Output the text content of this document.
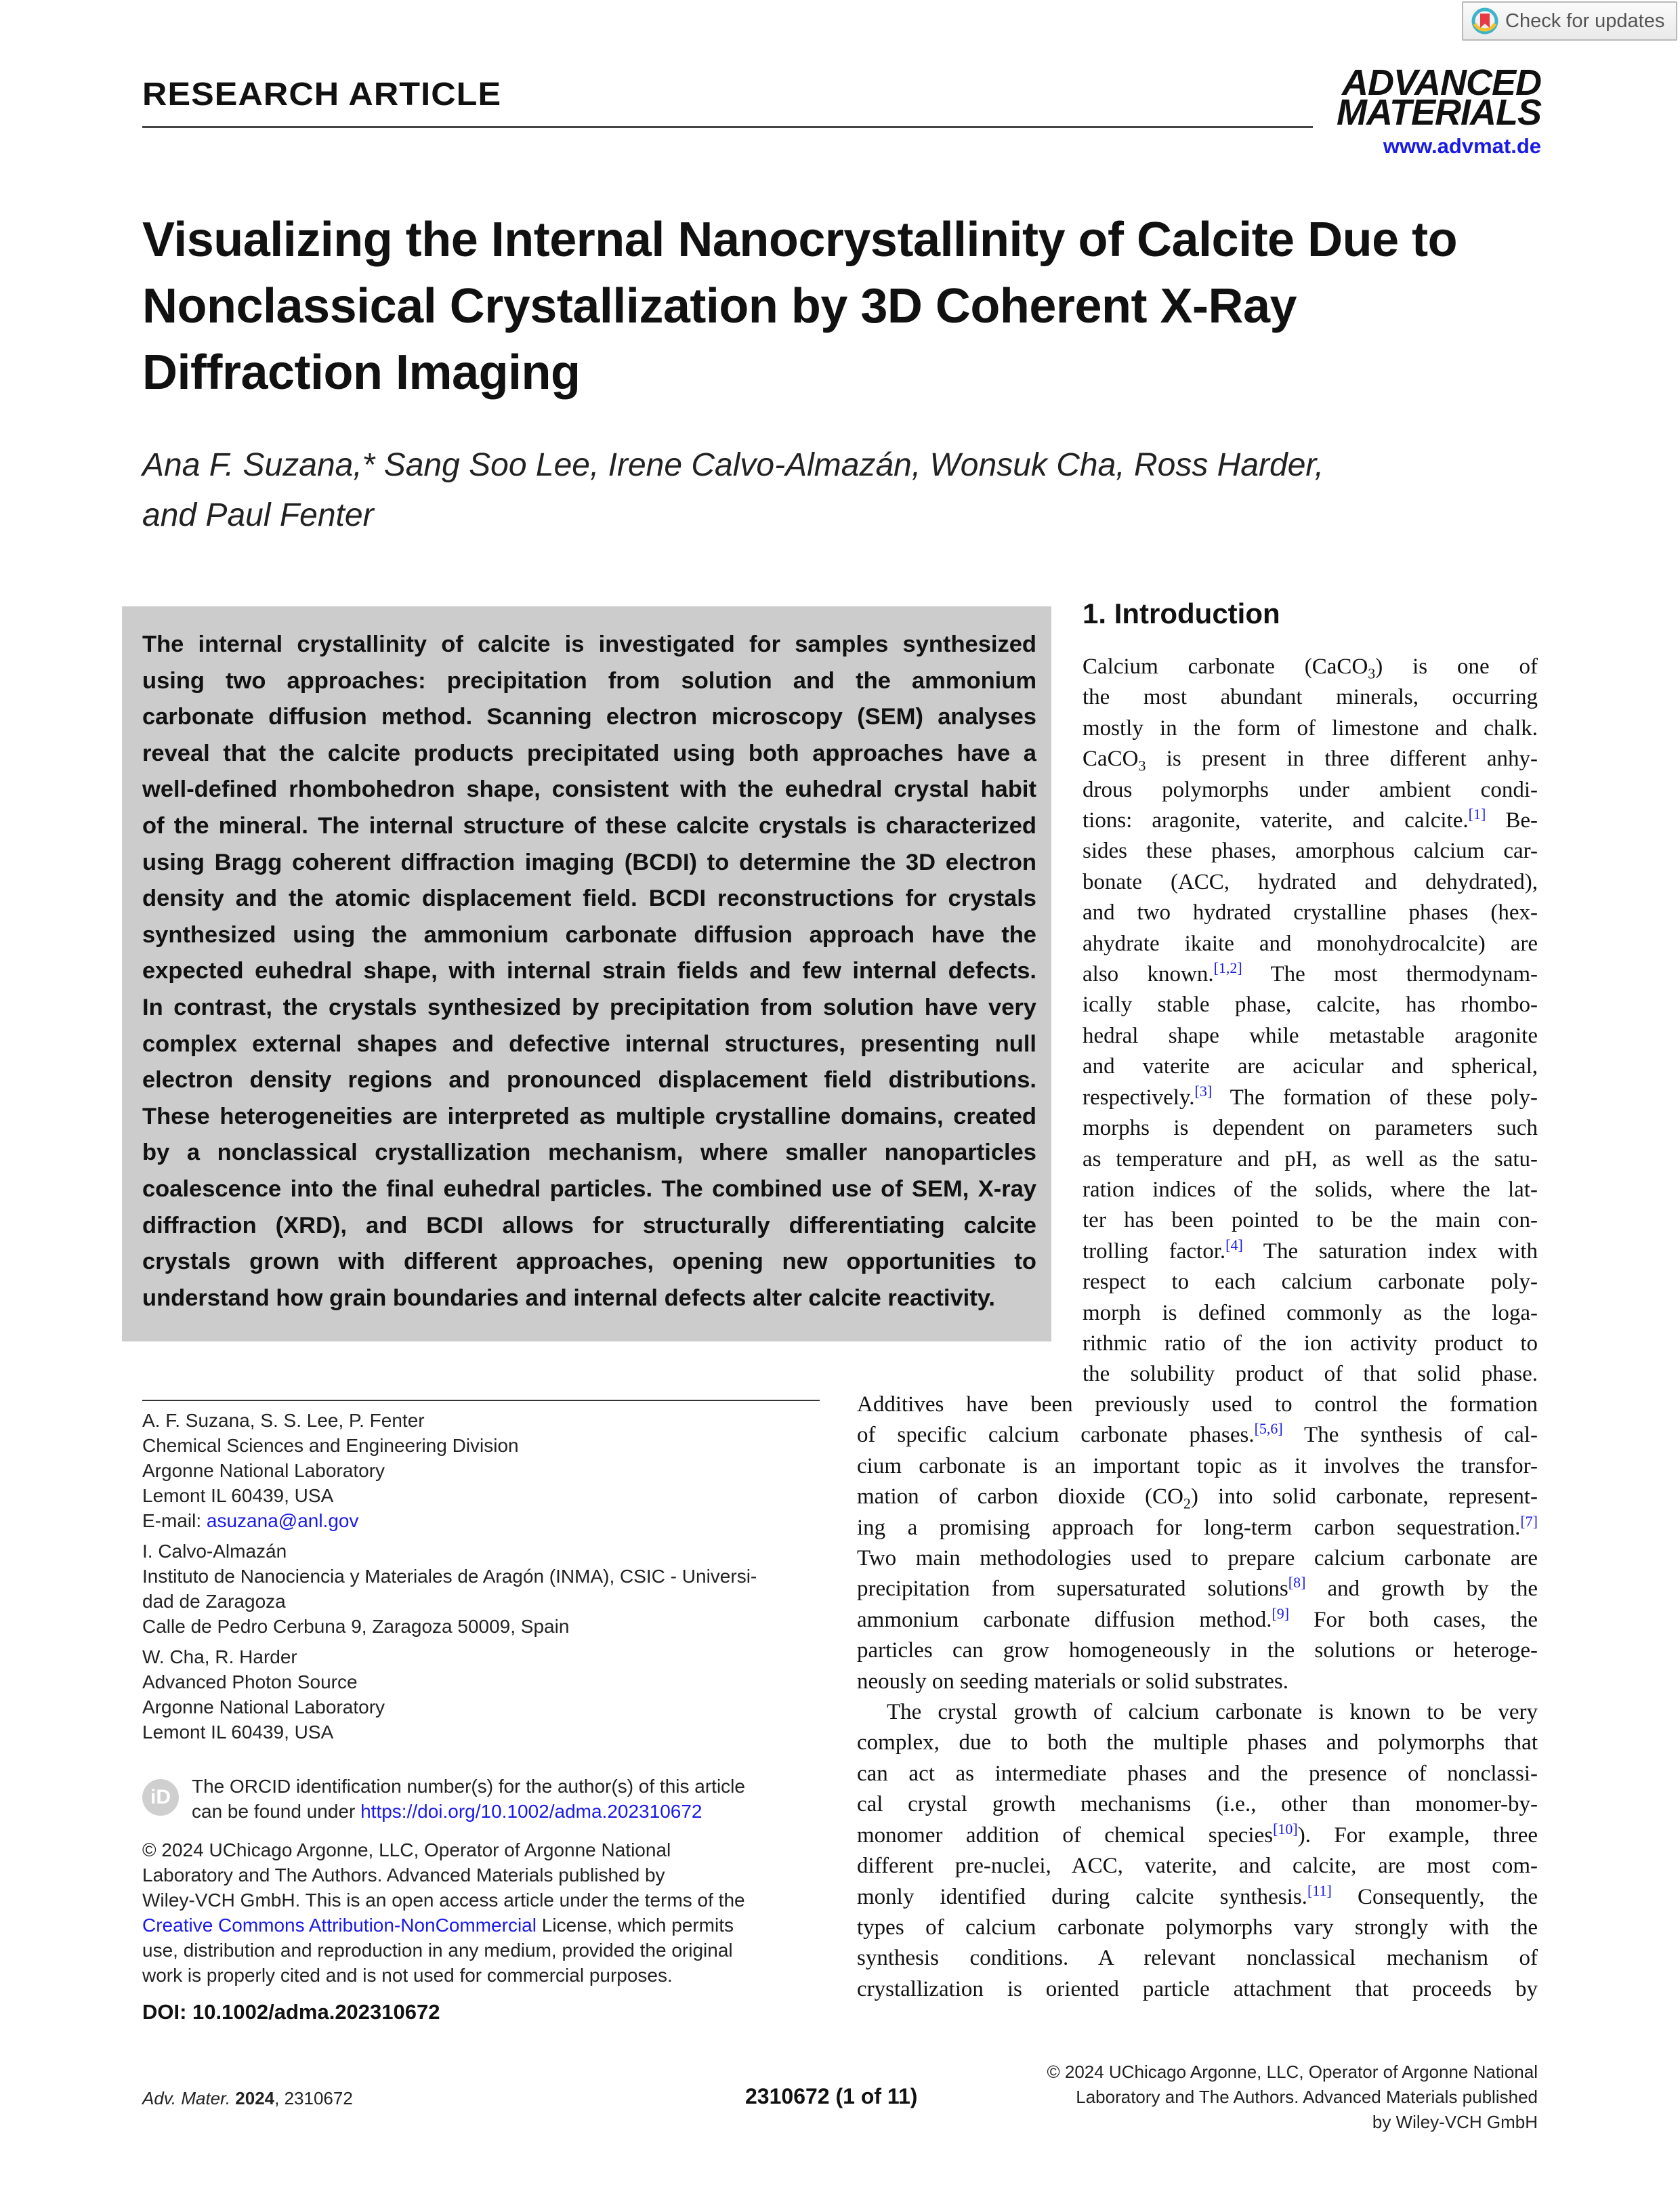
Check for updates
RESEARCH ARTICLE	ADVANCED
MATERIALS
www.advmat.de
Visualizing the Internal Nanocrystallinity of Calcite Due to
Nonclassical Crystallization by 3D Coherent X-Ray
Diffraction Imaging
Ana F. Suzana,* Sang Soo Lee, Irene Calvo-Almazán, Wonsuk Cha, Ross Harder,
and Paul Fenter
The internal crystallinity of calcite is investigated for samples synthesized
using two approaches: precipitation from solution and the ammonium
carbonate diffusion method. Scanning electron microscopy (SEM) analyses
reveal that the calcite products precipitated using both approaches have a
well-defined rhombohedron shape, consistent with the euhedral crystal habit
of the mineral. The internal structure of these calcite crystals is characterized
using Bragg coherent diffraction imaging (BCDI) to determine the 3D electron
density and the atomic displacement field. BCDI reconstructions for crystals
synthesized using the ammonium carbonate diffusion approach have the
expected euhedral shape, with internal strain fields and few internal defects.
In contrast, the crystals synthesized by precipitation from solution have very
complex external shapes and defective internal structures, presenting null
electron density regions and pronounced displacement field distributions.
These heterogeneities are interpreted as multiple crystalline domains, created
by a nonclassical crystallization mechanism, where smaller nanoparticles
coalescence into the final euhedral particles. The combined use of SEM, X-ray
diffraction (XRD), and BCDI allows for structurally differentiating calcite
crystals grown with different approaches, opening new opportunities to
understand how grain boundaries and internal defects alter calcite reactivity.
1. Introduction
Calcium carbonate (CaCO$_3$) is one of
the most abundant minerals, occurring
mostly in the form of limestone and chalk.
CaCO$_3$ is present in three different anhy-
drous polymorphs under ambient condi-
tions: aragonite, vaterite, and calcite.[1] Be-
sides these phases, amorphous calcium car-
bonate (ACC, hydrated and dehydrated),
and two hydrated crystalline phases (hex-
ahydrate ikaite and monohydrocalcite) are
also known.[1,2] The most thermodynam-
ically stable phase, calcite, has rhombo-
hedral shape while metastable aragonite
and vaterite are acicular and spherical,
respectively.[3] The formation of these poly-
morphs is dependent on parameters such
as temperature and pH, as well as the satu-
ration indices of the solids, where the lat-
ter has been pointed to be the main con-
trolling factor.[4] The saturation index with
respect to each calcium carbonate poly-
morph is defined commonly as the loga-
rithmic ratio of the ion activity product to
the solubility product of that solid phase.
Additives have been previously used to control the formation
of specific calcium carbonate phases.[5,6] The synthesis of cal-
cium carbonate is an important topic as it involves the transfor-
mation of carbon dioxide $(CO_2)$ into solid carbonate, represent-
ing a promising approach for long-term carbon sequestration.[7]
Two main methodologies used to prepare calcium carbonate are
precipitation from supersaturated solutions[8] and growth by the
ammonium carbonate diffusion method.[9] For both cases, the
particles can grow homogeneously in the solutions or heteroge-
neously on seeding materials or solid substrates.
The crystal growth of calcium carbonate is known to be very
complex, due to both the multiple phases and polymorphs that
can act as intermediate phases and the presence of nonclassi-
cal crystal growth mechanisms (i.e., other than monomer-by-
monomer addition of chemical species[10]). For example, three
different pre-nuclei, ACC, vaterite, and calcite, are most com-
monly identified during calcite synthesis.[11] Consequently, the
types of calcium carbonate polymorphs vary strongly with the
synthesis conditions. A relevant nonclassical mechanism of
crystallization is oriented particle attachment that proceeds by
A. F. Suzana, S. S. Lee, P. Fenter
Chemical Sciences and Engineering Division
Argonne National Laboratory
Lemont IL 60439, USA
E-mail: asuzana@anl.gov
I. Calvo-Almazán
Instituto de Nanociencia y Materiales de Aragón (INMA), CSIC - Universi-
dad de Zaragoza
Calle de Pedro Cerbuna 9, Zaragoza 50009, Spain
W. Cha, R. Harder
Advanced Photon Source
Argonne National Laboratory
Lemont IL 60439, USA
iD	The ORCID identification number(s) for the author(s) of this article
can be found under https://doi.org/10.1002/adma.202310672
© 2024 UChicago Argonne, LLC, Operator of Argonne National
Laboratory and The Authors. Advanced Materials published by
Wiley-VCH GmbH. This is an open access article under the terms of the
Creative Commons Attribution-NonCommercial License, which permits
use, distribution and reproduction in any medium, provided the original
work is properly cited and is not used for commercial purposes.
DOI: 10.1002/adma.202310672
Adv. Mater. 2024, 2310672	2310672 (1 of 11)
© 2024 UChicago Argonne, LLC, Operator of Argonne National
Laboratory and The Authors. Advanced Materials published
by Wiley-VCH GmbH
